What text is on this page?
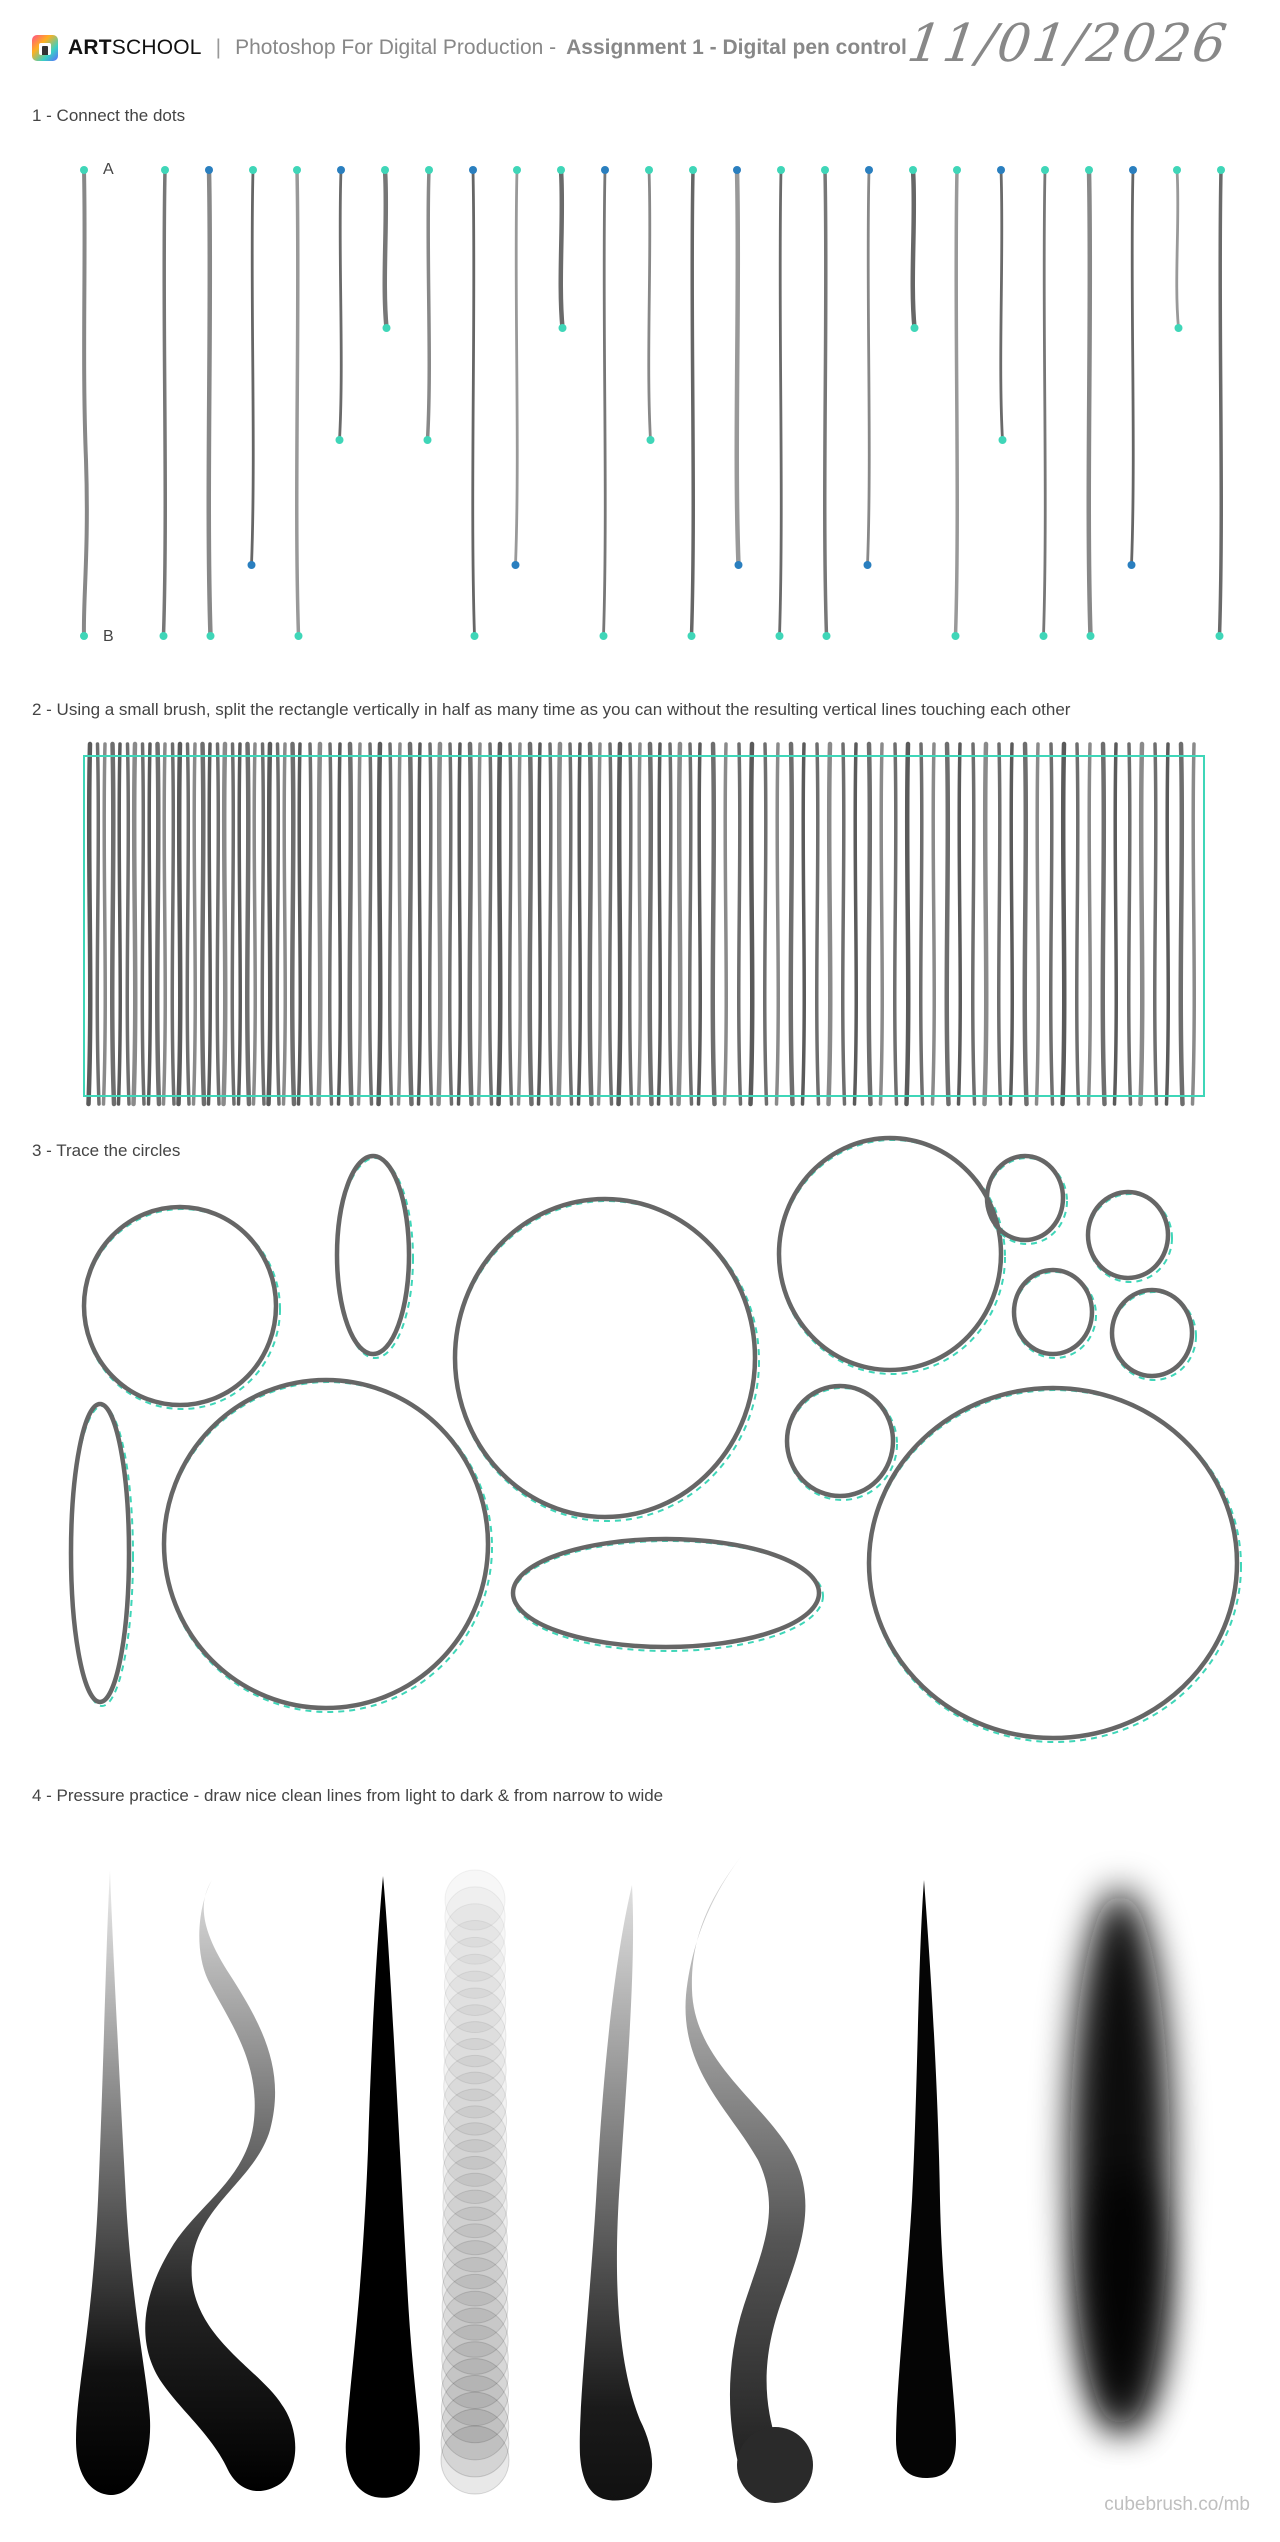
ARTSCHOOL | Photoshop For Digital Production - Assignment 1 - Digital pen control
11/01/2026
1 - Connect the dots
2 - Using a small brush, split the rectangle vertically in half as many time as you can without the resulting vertical lines touching each other
3 - Trace the circles
4 - Pressure practice - draw nice clean lines from light to dark & from narrow to wide
A
B
cubebrush.co/mb
